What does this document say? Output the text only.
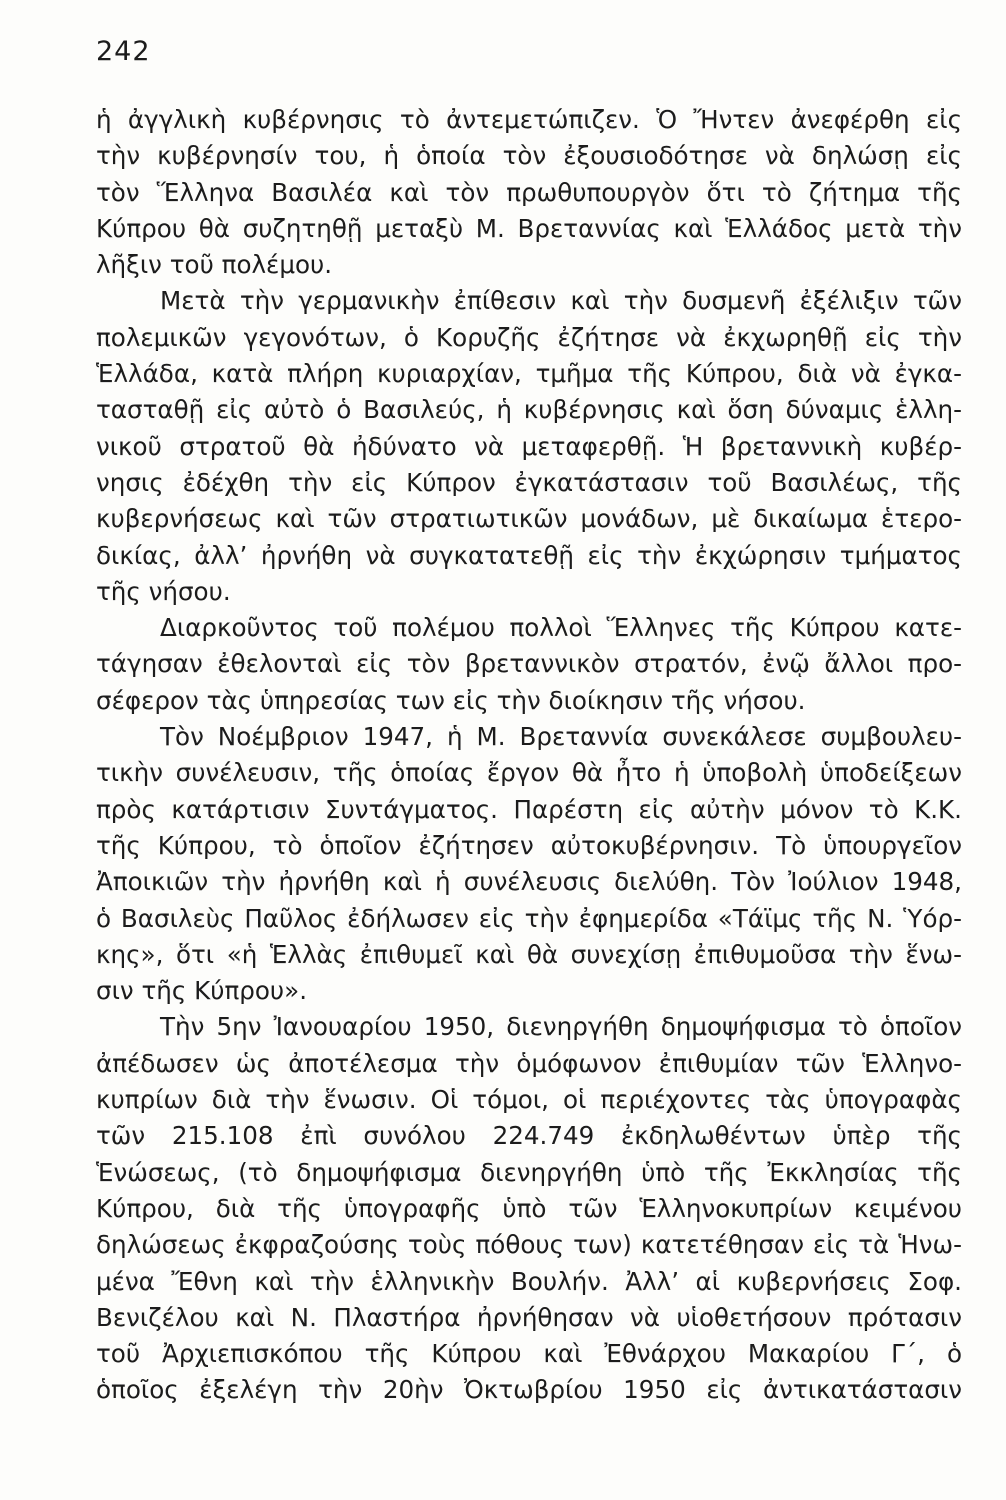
242
ἡ ἀγγλικὴ κυβέρνησις τὸ ἀντεμετώπιζεν. Ὁ Ἤντεν ἀνεφέρθη εἰς
τὴν κυβέρνησίν του, ἡ ὁποία τὸν ἐξουσιοδότησε νὰ δηλώσῃ εἰς
τὸν Ἕλληνα Βασιλέα καὶ τὸν πρωθυπουργὸν ὅτι τὸ ζήτημα τῆς
Κύπρου θὰ συζητηθῇ μεταξὺ Μ. Βρεταννίας καὶ Ἑλλάδος μετὰ τὴν
λῆξιν τοῦ πολέμου.
Μετὰ τὴν γερμανικὴν ἐπίθεσιν καὶ τὴν δυσμενῆ ἐξέλιξιν τῶν
πολεμικῶν γεγονότων, ὁ Κορυζῆς ἐζήτησε νὰ ἐκχωρηθῇ εἰς τὴν
Ἑλλάδα, κατὰ πλήρη κυριαρχίαν, τμῆμα τῆς Κύπρου, διὰ νὰ ἐγκα-
τασταθῇ εἰς αὐτὸ ὁ Βασιλεύς, ἡ κυβέρνησις καὶ ὅση δύναμις ἑλλη-
νικοῦ στρατοῦ θὰ ἠδύνατο νὰ μεταφερθῇ. Ἡ βρεταννικὴ κυβέρ-
νησις ἐδέχθη τὴν εἰς Κύπρον ἐγκατάστασιν τοῦ Βασιλέως, τῆς
κυβερνήσεως καὶ τῶν στρατιωτικῶν μονάδων, μὲ δικαίωμα ἑτερο-
δικίας, ἀλλ’ ἠρνήθη νὰ συγκατατεθῇ εἰς τὴν ἐκχώρησιν τμήματος
τῆς νήσου.
Διαρκοῦντος τοῦ πολέμου πολλοὶ Ἕλληνες τῆς Κύπρου κατε-
τάγησαν ἐθελονταὶ εἰς τὸν βρεταννικὸν στρατόν, ἐνῷ ἄλλοι προ-
σέφερον τὰς ὑπηρεσίας των εἰς τὴν διοίκησιν τῆς νήσου.
Τὸν Νοέμβριον 1947, ἡ Μ. Βρεταννία συνεκάλεσε συμβουλευ-
τικὴν συνέλευσιν, τῆς ὁποίας ἔργον θὰ ἦτο ἡ ὑποβολὴ ὑποδείξεων
πρὸς κατάρτισιν Συντάγματος. Παρέστη εἰς αὐτὴν μόνον τὸ Κ.Κ.
τῆς Κύπρου, τὸ ὁποῖον ἐζήτησεν αὐτοκυβέρνησιν. Τὸ ὑπουργεῖον
Ἀποικιῶν τὴν ἠρνήθη καὶ ἡ συνέλευσις διελύθη. Τὸν Ἰούλιον 1948,
ὁ Βασιλεὺς Παῦλος ἐδήλωσεν εἰς τὴν ἐφημερίδα «Τάϊμς τῆς Ν. Ὑόρ-
κης», ὅτι «ἡ Ἑλλὰς ἐπιθυμεῖ καὶ θὰ συνεχίσῃ ἐπιθυμοῦσα τὴν ἕνω-
σιν τῆς Κύπρου».
Τὴν 5ην Ἰανουαρίου 1950, διενηργήθη δημοψήφισμα τὸ ὁποῖον
ἀπέδωσεν ὡς ἀποτέλεσμα τὴν ὁμόφωνον ἐπιθυμίαν τῶν Ἑλληνο-
κυπρίων διὰ τὴν ἕνωσιν. Οἱ τόμοι, οἱ περιέχοντες τὰς ὑπογραφὰς
τῶν 215.108 ἐπὶ συνόλου 224.749 ἐκδηλωθέντων ὑπὲρ τῆς
Ἑνώσεως, (τὸ δημοψήφισμα διενηργήθη ὑπὸ τῆς Ἐκκλησίας τῆς
Κύπρου, διὰ τῆς ὑπογραφῆς ὑπὸ τῶν Ἑλληνοκυπρίων κειμένου
δηλώσεως ἐκφραζούσης τοὺς πόθους των) κατετέθησαν εἰς τὰ Ἡνω-
μένα Ἔθνη καὶ τὴν ἑλληνικὴν Βουλήν. Ἀλλ’ αἱ κυβερνήσεις Σοφ.
Βενιζέλου καὶ Ν. Πλαστήρα ἠρνήθησαν νὰ υἱοθετήσουν πρότασιν
τοῦ Ἀρχιεπισκόπου τῆς Κύπρου καὶ Ἐθνάρχου Μακαρίου Γ΄, ὁ
ὁποῖος ἐξελέγη τὴν 20ὴν Ὀκτωβρίου 1950 εἰς ἀντικατάστασιν
